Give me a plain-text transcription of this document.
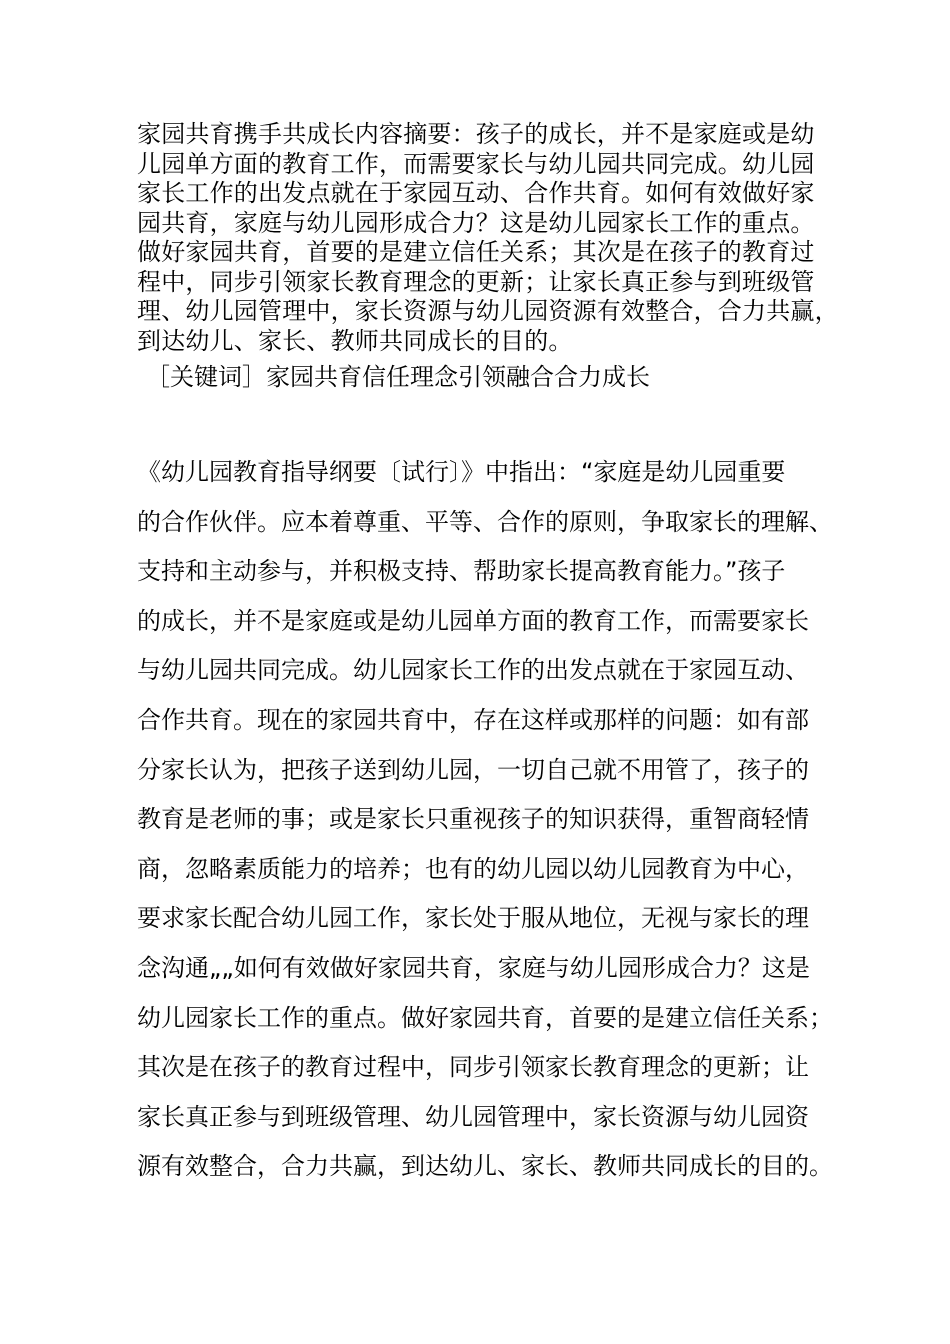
家园共育携手共成长内容摘要：孩子的成长，并不是家庭或是幼
儿园单方面的教育工作，而需要家长与幼儿园共同完成。幼儿园
家长工作的出发点就在于家园互动、合作共育。如何有效做好家
园共育，家庭与幼儿园形成合力？这是幼儿园家长工作的重点。
做好家园共育，首要的是建立信任关系；其次是在孩子的教育过
程中，同步引领家长教育理念的更新；让家长真正参与到班级管
理、幼儿园管理中，家长资源与幼儿园资源有效整合，合力共赢，
到达幼儿、家长、教师共同成长的目的。
［关键词］家园共育信任理念引领融合合力成长
《幼儿园教育指导纲要〔试行〕》中指出：“家庭是幼儿园重要
的合作伙伴。应本着尊重、平等、合作的原则，争取家长的理解、
支持和主动参与，并积极支持、帮助家长提高教育能力。”孩子
的成长，并不是家庭或是幼儿园单方面的教育工作，而需要家长
与幼儿园共同完成。幼儿园家长工作的出发点就在于家园互动、
合作共育。现在的家园共育中，存在这样或那样的问题：如有部
分家长认为，把孩子送到幼儿园，一切自己就不用管了，孩子的
教育是老师的事；或是家长只重视孩子的知识获得，重智商轻情
商，忽略素质能力的培养；也有的幼儿园以幼儿园教育为中心，
要求家长配合幼儿园工作，家长处于服从地位，无视与家长的理
念沟通„„如何有效做好家园共育，家庭与幼儿园形成合力？这是
幼儿园家长工作的重点。做好家园共育，首要的是建立信任关系；
其次是在孩子的教育过程中，同步引领家长教育理念的更新；让
家长真正参与到班级管理、幼儿园管理中，家长资源与幼儿园资
源有效整合，合力共赢，到达幼儿、家长、教师共同成长的目的。
